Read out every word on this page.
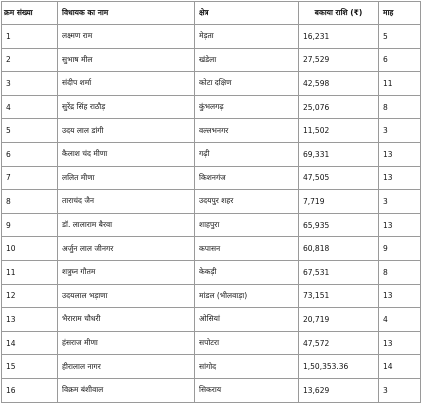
क्रम संख्या	विधायक का नाम	क्षेत्र	बकाया राशि (₹)	माह
1	लक्ष्मण राम	मेड़ता	16,231	5
2	सुभाष मील	खंडेला	27,529	6
3	संदीप शर्मा	कोटा दक्षिण	42,598	11
4	सुरेंद्र सिंह राठौड़	कुंभलगढ़	25,076	8
5	उदय लाल डांगी	वल्लभनगर	11,502	3
6	कैलाश चंद मीणा	गढ़ी	69,331	13
7	ललित मीणा	किशनगंज	47,505	13
8	ताराचंद जैन	उदयपुर शहर	7,719	3
9	डॉ. लालाराम बैरवा	शाहपुरा	65,935	13
10	अर्जुन लाल जीनगर	कपासन	60,818	9
11	शत्रुघ्न गौतम	केकड़ी	67,531	8
12	उदयलाल भड़ाणा	मांडल (भीलवाड़ा)	73,151	13
13	भैराराम चौधरी	ओसियां	20,719	4
14	हंसराज मीणा	सपोटरा	47,572	13
15	हीरालाल नागर	सांगोद	1,50,353.36	14
16	विक्रम बंशीवाल	सिकराय	13,629	3
